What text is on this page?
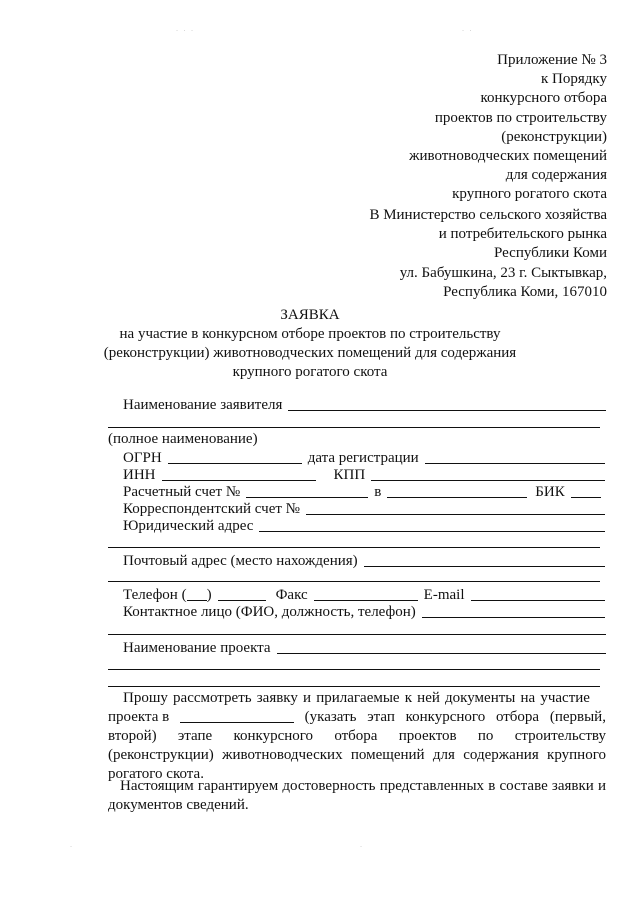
˙ ˙ ˙	˙ ˙
˙	˙
Приложение № 3
к Порядку
конкурсного отбора
проектов по строительству
(реконструкции)
животноводческих помещений
для содержания
крупного рогатого скота
В Министерство сельского хозяйства
и потребительского рынка
Республики Коми
ул. Бабушкина, 23 г. Сыктывкар,
Республика Коми, 167010
ЗАЯВКА
на участие в конкурсном отборе проектов по строительству
(реконструкции) животноводческих помещений для содержания
крупного рогатого скота
Наименование заявителя
(полное наименование)
ОГРН	дата регистрации
ИНН	КПП
Расчетный счет №	в	БИК
Корреспондентский счет №
Юридический адрес
Почтовый адрес (место нахождения)
Телефон ( )	Факс	E-mail
Контактное лицо (ФИО, должность, телефон)
Наименование проекта
Прошу рассмотреть заявку и прилагаемые к ней документы на участие
проекта в	(указать этап конкурсного отбора (первый,
второй) этапе конкурсного отбора проектов по строительству
(реконструкции) животноводческих помещений для содержания крупного
рогатого скота.
Настоящим гарантируем достоверность представленных в составе заявки и
документов сведений.
